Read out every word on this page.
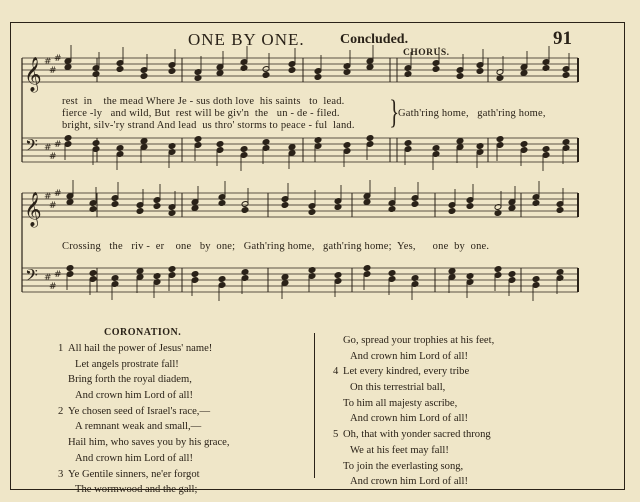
ONE BY ONE.	Concluded.	91
𝄞 #
#
#
𝄢 #
#
#
𝄞 #
#
#
𝄢 #
#
#
CHORUS.
rest  in    the mead Where Je - sus doth love  his saints   to  lead.
fierce -ly   and wild, But  rest will be giv'n  the   un - de - filed.
bright, silv-'ry strand And lead  us thro' storms to peace - ful  land. }
Gath'ring home,   gath'ring home,
Crossing   the   riv -  er    one   by  one;   Gath'ring home,   gath'ring home;  Yes,      one  by  one.
CORONATION.
1 All hail the power of Jesus' name!
Let angels prostrate fall!
Bring forth the royal diadem,
And crown him Lord of all!
2 Ye chosen seed of Israel's race,—
A remnant weak and small,—
Hail him, who saves you by his grace,
And crown him Lord of all!
3 Ye Gentile sinners, ne'er forgot
The wormwood and the gall;
Go, spread your trophies at his feet,
And crown him Lord of all!
4 Let every kindred, every tribe
On this terrestrial ball,
To him all majesty ascribe,
And crown him Lord of all!
5 Oh, that with yonder sacred throng
We at his feet may fall!
To join the everlasting song,
And crown him Lord of all!
